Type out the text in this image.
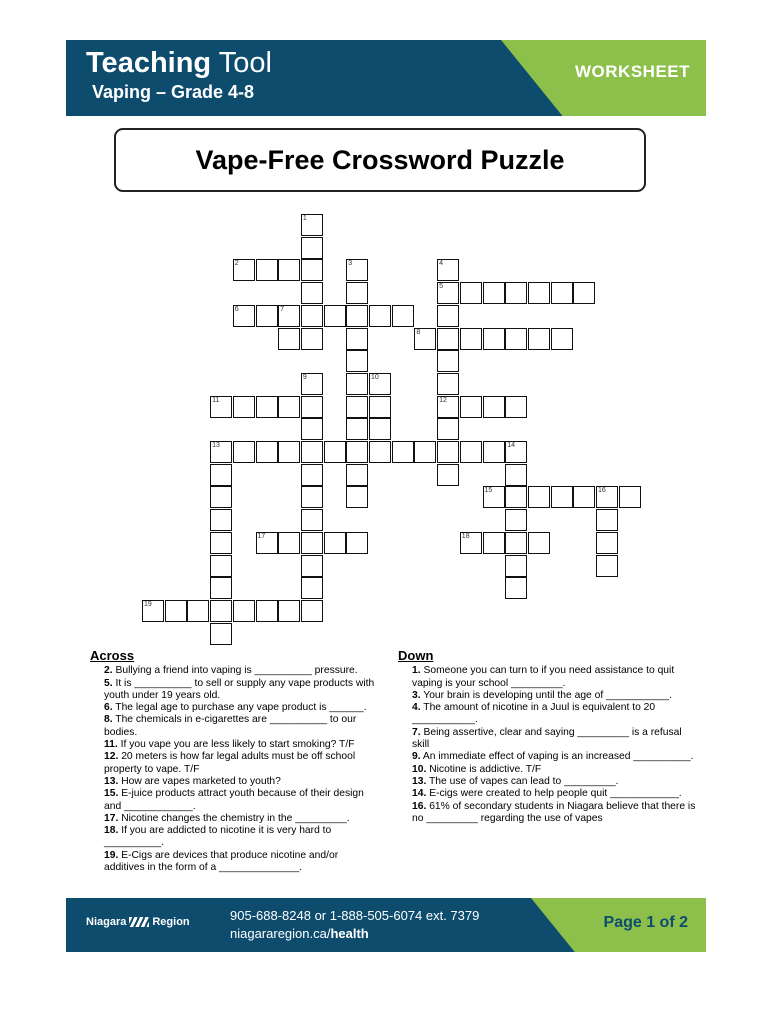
Teaching Tool
Vaping – Grade 4-8
WORKSHEET
Vape-Free Crossword Puzzle
1
3	4
5
12
10
9
13	14
16
2
6	7
8
11
15
17	18
19
Across

2. Bullying a friend into vaping is __________ pressure.

5. It is __________ to sell or supply any vape products with youth under 19 years old.

6. The legal age to purchase any vape product is ______.

8. The chemicals in e-cigarettes are __________ to our bodies.

11. If you vape you are less likely to start smoking? T/F

12. 20 meters is how far legal adults must be off school property to vape. T/F

13. How are vapes marketed to youth?

15. E-juice products attract youth because of their design and ____________.

17. Nicotine changes the chemistry in the _________.

18. If you are addicted to nicotine it is very hard to __________.

19. E-Cigs are devices that produce nicotine and/or additives in the form of a ______________.

Down

1. Someone you can turn to if you need assistance to quit vaping is your school _________.

3. Your brain is developing until the age of ___________.

4. The amount of nicotine in a Juul is equivalent to 20 ___________.

7. Being assertive, clear and saying _________ is a refusal skill

9. An immediate effect of vaping is an increased __________.

10. Nicotine is addictive. T/F

13. The use of vapes can lead to _________.

14. E-cigs were created to help people quit ____________.

16. 61% of secondary students in Niagara believe that there is no _________ regarding the use of vapes

Niagara Region	905-688-8248 or 1-888-505-6074 ext. 7379
niagararegion.ca/health
Page 1 of 2
